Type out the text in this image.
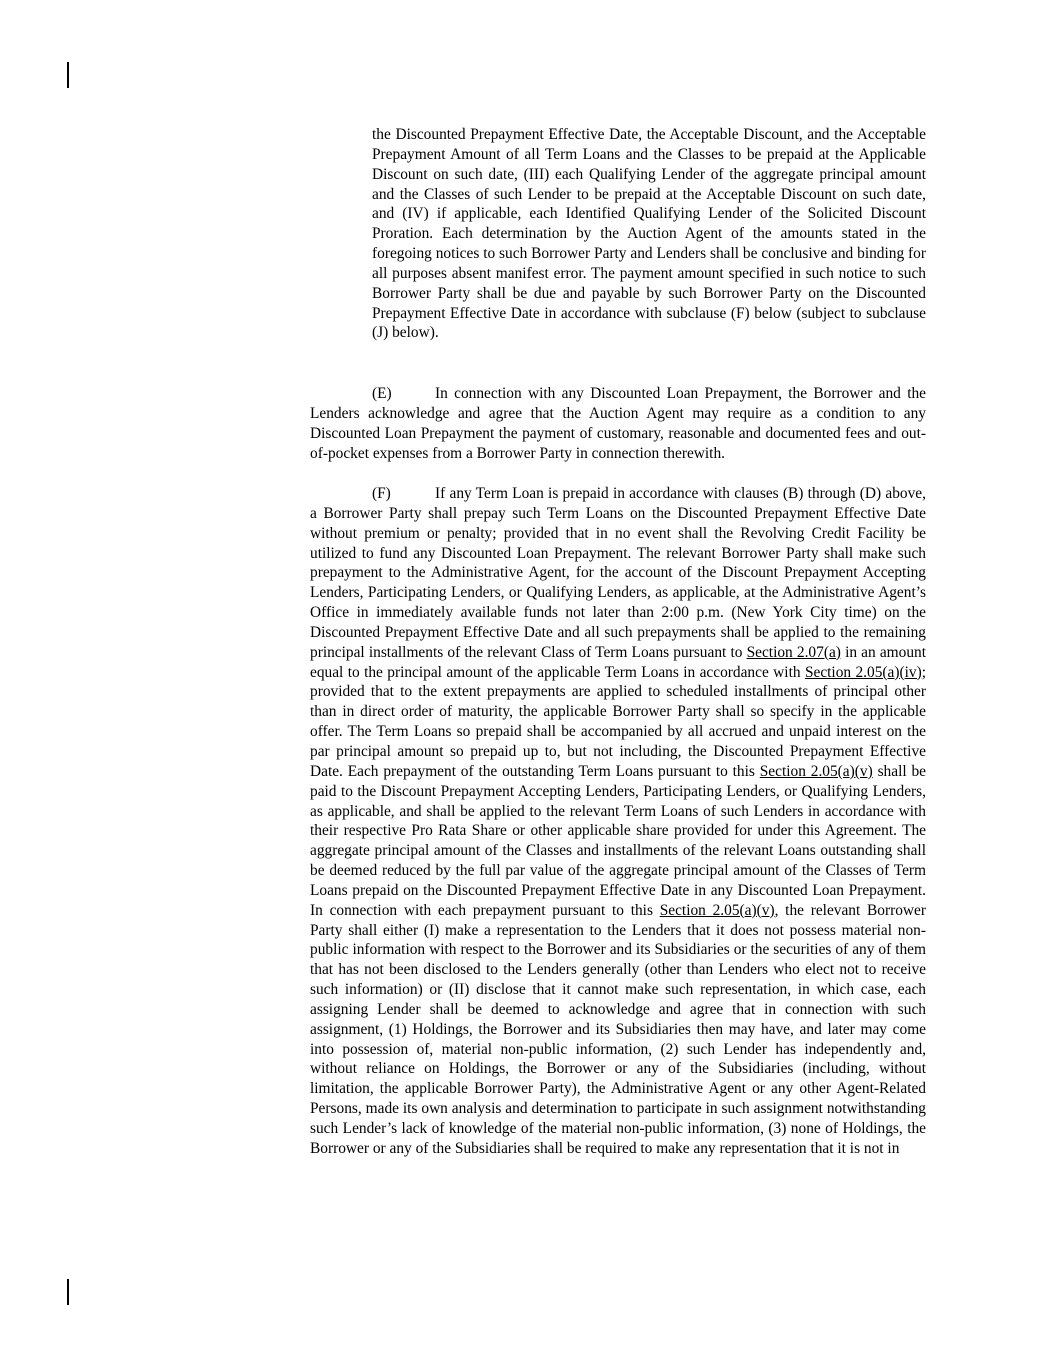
the Discounted Prepayment Effective Date, the Acceptable Discount, and the Acceptable Prepayment Amount of all Term Loans and the Classes to be prepaid at the Applicable Discount on such date, (III) each Qualifying Lender of the aggregate principal amount and the Classes of such Lender to be prepaid at the Acceptable Discount on such date, and (IV) if applicable, each Identified Qualifying Lender of the Solicited Discount Proration. Each determination by the Auction Agent of the amounts stated in the foregoing notices to such Borrower Party and Lenders shall be conclusive and binding for all purposes absent manifest error. The payment amount specified in such notice to such Borrower Party shall be due and payable by such Borrower Party on the Discounted Prepayment Effective Date in accordance with subclause (F) below (subject to subclause (J) below).

(E)	In connection with any Discounted Loan Prepayment, the Borrower and the Lenders acknowledge and agree that the Auction Agent may require as a condition to any Discounted Loan Prepayment the payment of customary, reasonable and documented fees and out-of-pocket expenses from a Borrower Party in connection therewith.

(F)	If any Term Loan is prepaid in accordance with clauses (B) through (D) above, a Borrower Party shall prepay such Term Loans on the Discounted Prepayment Effective Date without premium or penalty; provided that in no event shall the Revolving Credit Facility be utilized to fund any Discounted Loan Prepayment. The relevant Borrower Party shall make such prepayment to the Administrative Agent, for the account of the Discount Prepayment Accepting Lenders, Participating Lenders, or Qualifying Lenders, as applicable, at the Administrative Agent’s Office in immediately available funds not later than 2:00 p.m. (New York City time) on the Discounted Prepayment Effective Date and all such prepayments shall be applied to the remaining principal installments of the relevant Class of Term Loans pursuant to Section 2.07(a) in an amount equal to the principal amount of the applicable Term Loans in accordance with Section 2.05(a)(iv); provided that to the extent prepayments are applied to scheduled installments of principal other than in direct order of maturity, the applicable Borrower Party shall so specify in the applicable offer. The Term Loans so prepaid shall be accompanied by all accrued and unpaid interest on the par principal amount so prepaid up to, but not including, the Discounted Prepayment Effective Date. Each prepayment of the outstanding Term Loans pursuant to this Section 2.05(a)(v) shall be paid to the Discount Prepayment Accepting Lenders, Participating Lenders, or Qualifying Lenders, as applicable, and shall be applied to the relevant Term Loans of such Lenders in accordance with their respective Pro Rata Share or other applicable share provided for under this Agreement. The aggregate principal amount of the Classes and installments of the relevant Loans outstanding shall be deemed reduced by the full par value of the aggregate principal amount of the Classes of Term Loans prepaid on the Discounted Prepayment Effective Date in any Discounted Loan Prepayment. In connection with each prepayment pursuant to this Section 2.05(a)(v), the relevant Borrower Party shall either (I) make a representation to the Lenders that it does not possess material non-public information with respect to the Borrower and its Subsidiaries or the securities of any of them that has not been disclosed to the Lenders generally (other than Lenders who elect not to receive such information) or (II) disclose that it cannot make such representation, in which case, each assigning Lender shall be deemed to acknowledge and agree that in connection with such assignment, (1) Holdings, the Borrower and its Subsidiaries then may have, and later may come into possession of, material non-public information, (2) such Lender has independently and, without reliance on Holdings, the Borrower or any of the Subsidiaries (including, without limitation, the applicable Borrower Party), the Administrative Agent or any other Agent-Related Persons, made its own analysis and determination to participate in such assignment notwithstanding such Lender’s lack of knowledge of the material non-public information, (3) none of Holdings, the Borrower or any of the Subsidiaries shall be required to make any representation that it is not in
